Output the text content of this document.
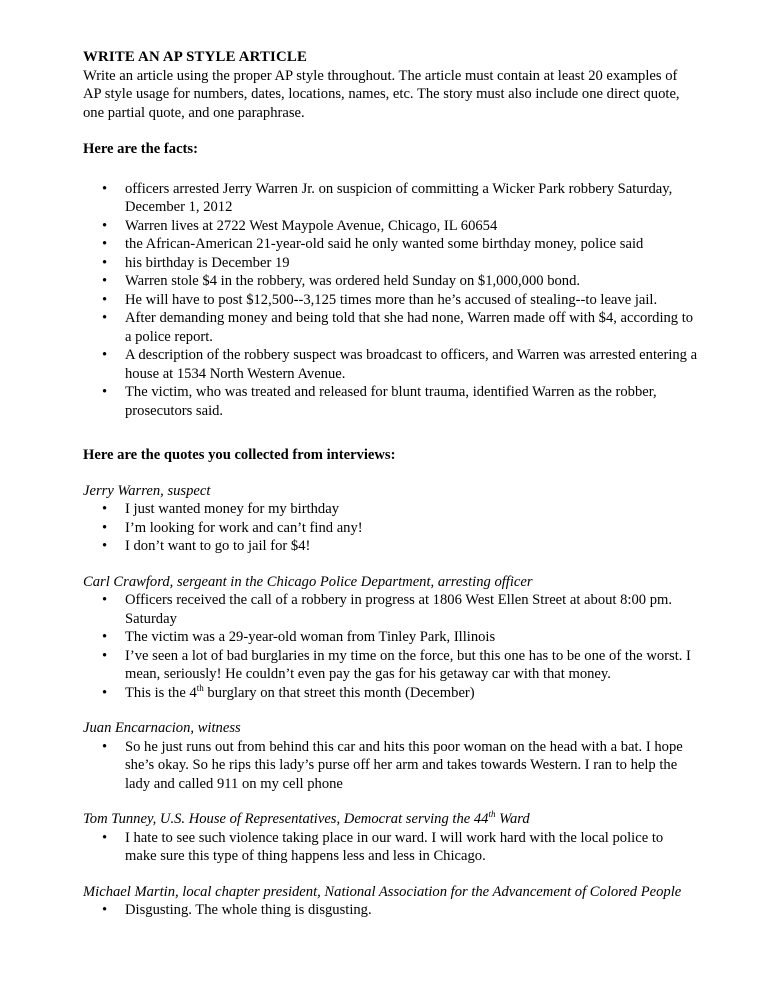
WRITE AN AP STYLE ARTICLE

Write an article using the proper AP style throughout. The article must contain at least 20 examples of AP style usage for numbers, dates, locations, names, etc. The story must also include one direct quote, one partial quote, and one paraphrase.

Here are the facts:

• officers arrested Jerry Warren Jr. on suspicion of committing a Wicker Park robbery Saturday, December 1, 2012
• Warren lives at 2722 West Maypole Avenue, Chicago, IL 60654
• the African-American 21-year-old said he only wanted some birthday money, police said
• his birthday is December 19
• Warren stole $4 in the robbery, was ordered held Sunday on $1,000,000 bond.
• He will have to post $12,500--3,125 times more than he’s accused of stealing--to leave jail.
• After demanding money and being told that she had none, Warren made off with $4, according to a police report.
• A description of the robbery suspect was broadcast to officers, and Warren was arrested entering a house at 1534 North Western Avenue.
• The victim, who was treated and released for blunt trauma, identified Warren as the robber, prosecutors said.

Here are the quotes you collected from interviews:

Jerry Warren, suspect

• I just wanted money for my birthday
• I’m looking for work and can’t find any!
• I don’t want to go to jail for $4!

Carl Crawford, sergeant in the Chicago Police Department, arresting officer

• Officers received the call of a robbery in progress at 1806 West Ellen Street at about 8:00 pm. Saturday
• The victim was a 29-year-old woman from Tinley Park, Illinois
• I’ve seen a lot of bad burglaries in my time on the force, but this one has to be one of the worst. I mean, seriously! He couldn’t even pay the gas for his getaway car with that money.
• This is the 4th burglary on that street this month (December)

Juan Encarnacion, witness

• So he just runs out from behind this car and hits this poor woman on the head with a bat. I hope she’s okay. So he rips this lady’s purse off her arm and takes towards Western. I ran to help the lady and called 911 on my cell phone

Tom Tunney, U.S. House of Representatives, Democrat serving the 44th Ward

• I hate to see such violence taking place in our ward. I will work hard with the local police to make sure this type of thing happens less and less in Chicago.

Michael Martin, local chapter president, National Association for the Advancement of Colored People

• Disgusting. The whole thing is disgusting.
